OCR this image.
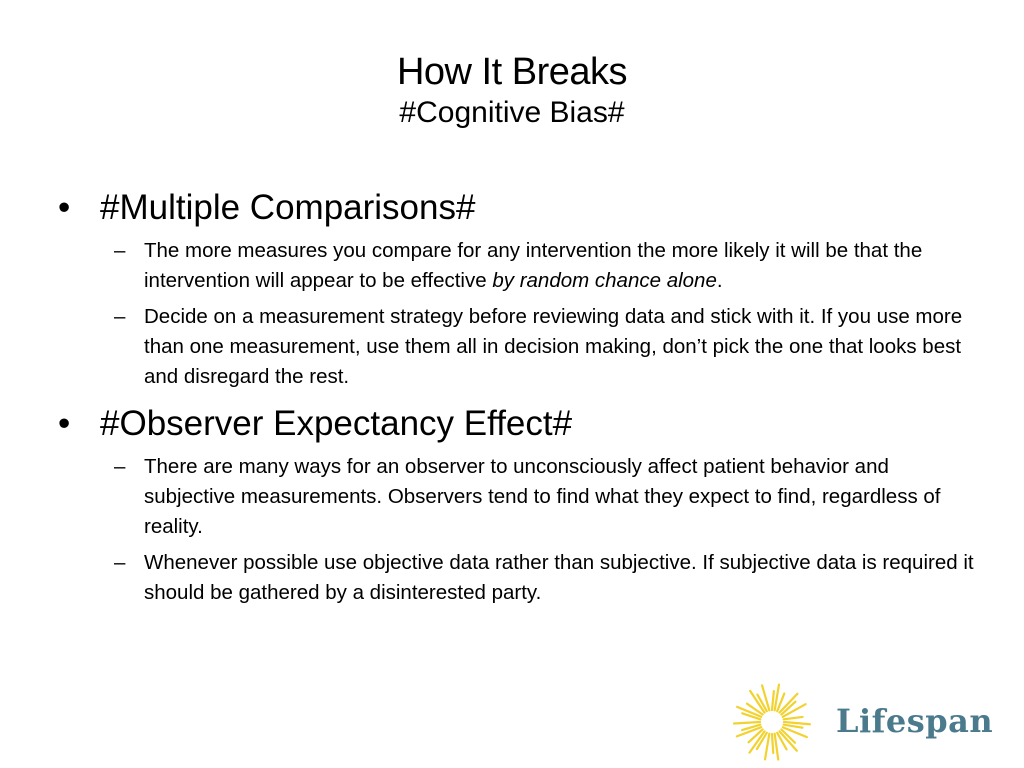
How It Breaks
#Cognitive Bias#
• #Multiple Comparisons#
– The more measures you compare for any intervention the more likely it will be that the intervention will appear to be effective by random chance alone.
– Decide on a measurement strategy before reviewing data and stick with it. If you use more than one measurement, use them all in decision making, don’t pick the one that looks best and disregard the rest.
• #Observer Expectancy Effect#
– There are many ways for an observer to unconsciously affect patient behavior and subjective measurements. Observers tend to find what they expect to find, regardless of reality.
– Whenever possible use objective data rather than subjective. If subjective data is required it should be gathered by a disinterested party.
Lifespan
